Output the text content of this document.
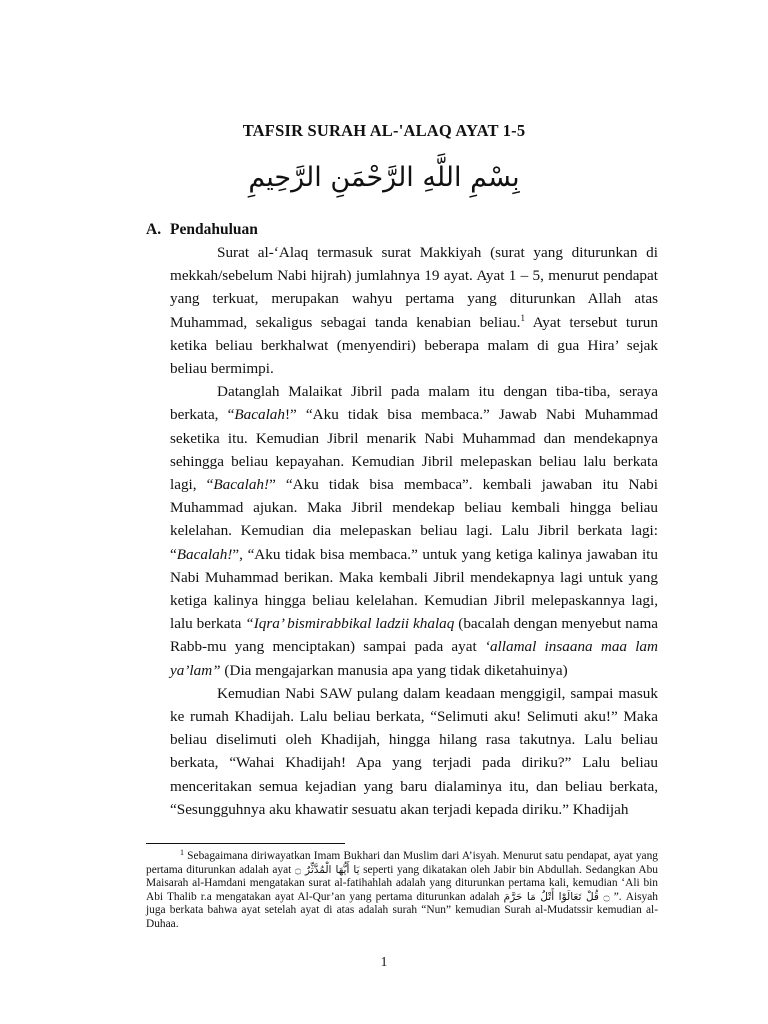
TAFSIR SURAH AL-'ALAQ AYAT 1-5
بِسْمِ اللَّهِ الرَّحْمَنِ الرَّحِيمِ
A. Pendahuluan

Surat al-‘Alaq termasuk surat Makkiyah (surat yang diturunkan di mekkah/sebelum Nabi hijrah) jumlahnya 19 ayat. Ayat 1 – 5, menurut pendapat yang terkuat, merupakan wahyu pertama yang diturunkan Allah atas Muhammad, sekaligus sebagai tanda kenabian beliau.$^1$ Ayat tersebut turun ketika beliau berkhalwat (menyendiri) beberapa malam di gua Hira’ sejak beliau bermimpi.

Datanglah Malaikat Jibril pada malam itu dengan tiba-tiba, seraya berkata, “Bacalah!” “Aku tidak bisa membaca.” Jawab Nabi Muhammad seketika itu. Kemudian Jibril menarik Nabi Muhammad dan mendekapnya sehingga beliau kepayahan. Kemudian Jibril melepaskan beliau lalu berkata lagi, “Bacalah!” “Aku tidak bisa membaca”. kembali jawaban itu Nabi Muhammad ajukan. Maka Jibril mendekap beliau kembali hingga beliau kelelahan. Kemudian dia melepaskan beliau lagi. Lalu Jibril berkata lagi: “Bacalah!”, “Aku tidak bisa membaca.” untuk yang ketiga kalinya jawaban itu Nabi Muhammad berikan. Maka kembali Jibril mendekapnya lagi untuk yang ketiga kalinya hingga beliau kelelahan. Kemudian Jibril melepaskannya lagi, lalu berkata “Iqra’ bismirabbikal ladzii khalaq (bacalah dengan menyebut nama Rabb-mu yang menciptakan) sampai pada ayat ‘allamal insaana maa lam ya’lam” (Dia mengajarkan manusia apa yang tidak diketahuinya)

Kemudian Nabi SAW pulang dalam keadaan menggigil, sampai masuk ke rumah Khadijah. Lalu beliau berkata, “Selimuti aku! Selimuti aku!” Maka beliau diselimuti oleh Khadijah, hingga hilang rasa takutnya. Lalu beliau berkata, “Wahai Khadijah! Apa yang terjadi pada diriku?” Lalu beliau menceritakan semua kejadian yang baru dialaminya itu, dan beliau berkata, “Sesungguhnya aku khawatir sesuatu akan terjadi kepada diriku.” Khadijah

$^1$ Sebagaimana diriwayatkan Imam Bukhari dan Muslim dari A’isyah. Menurut satu pendapat, ayat yang pertama diturunkan adalah ayat يَا أَيُّهَا الْمُدَّثِّرُ ۝ seperti yang dikatakan oleh Jabir bin Abdullah. Sedangkan Abu Maisarah al-Hamdani mengatakan surat al-fatihahlah adalah yang diturunkan pertama kali, kemudian ‘Ali bin Abi Thalib r.a mengatakan ayat Al-Qur’an yang pertama diturunkan adalah ۝ قُلْ تَعَالَوْا أَتْلُ مَا حَرَّمَ ”. Aisyah juga berkata bahwa ayat setelah ayat di atas adalah surah “Nun” kemudian Surah al-Mudatssir kemudian al-Duhaa.

1
